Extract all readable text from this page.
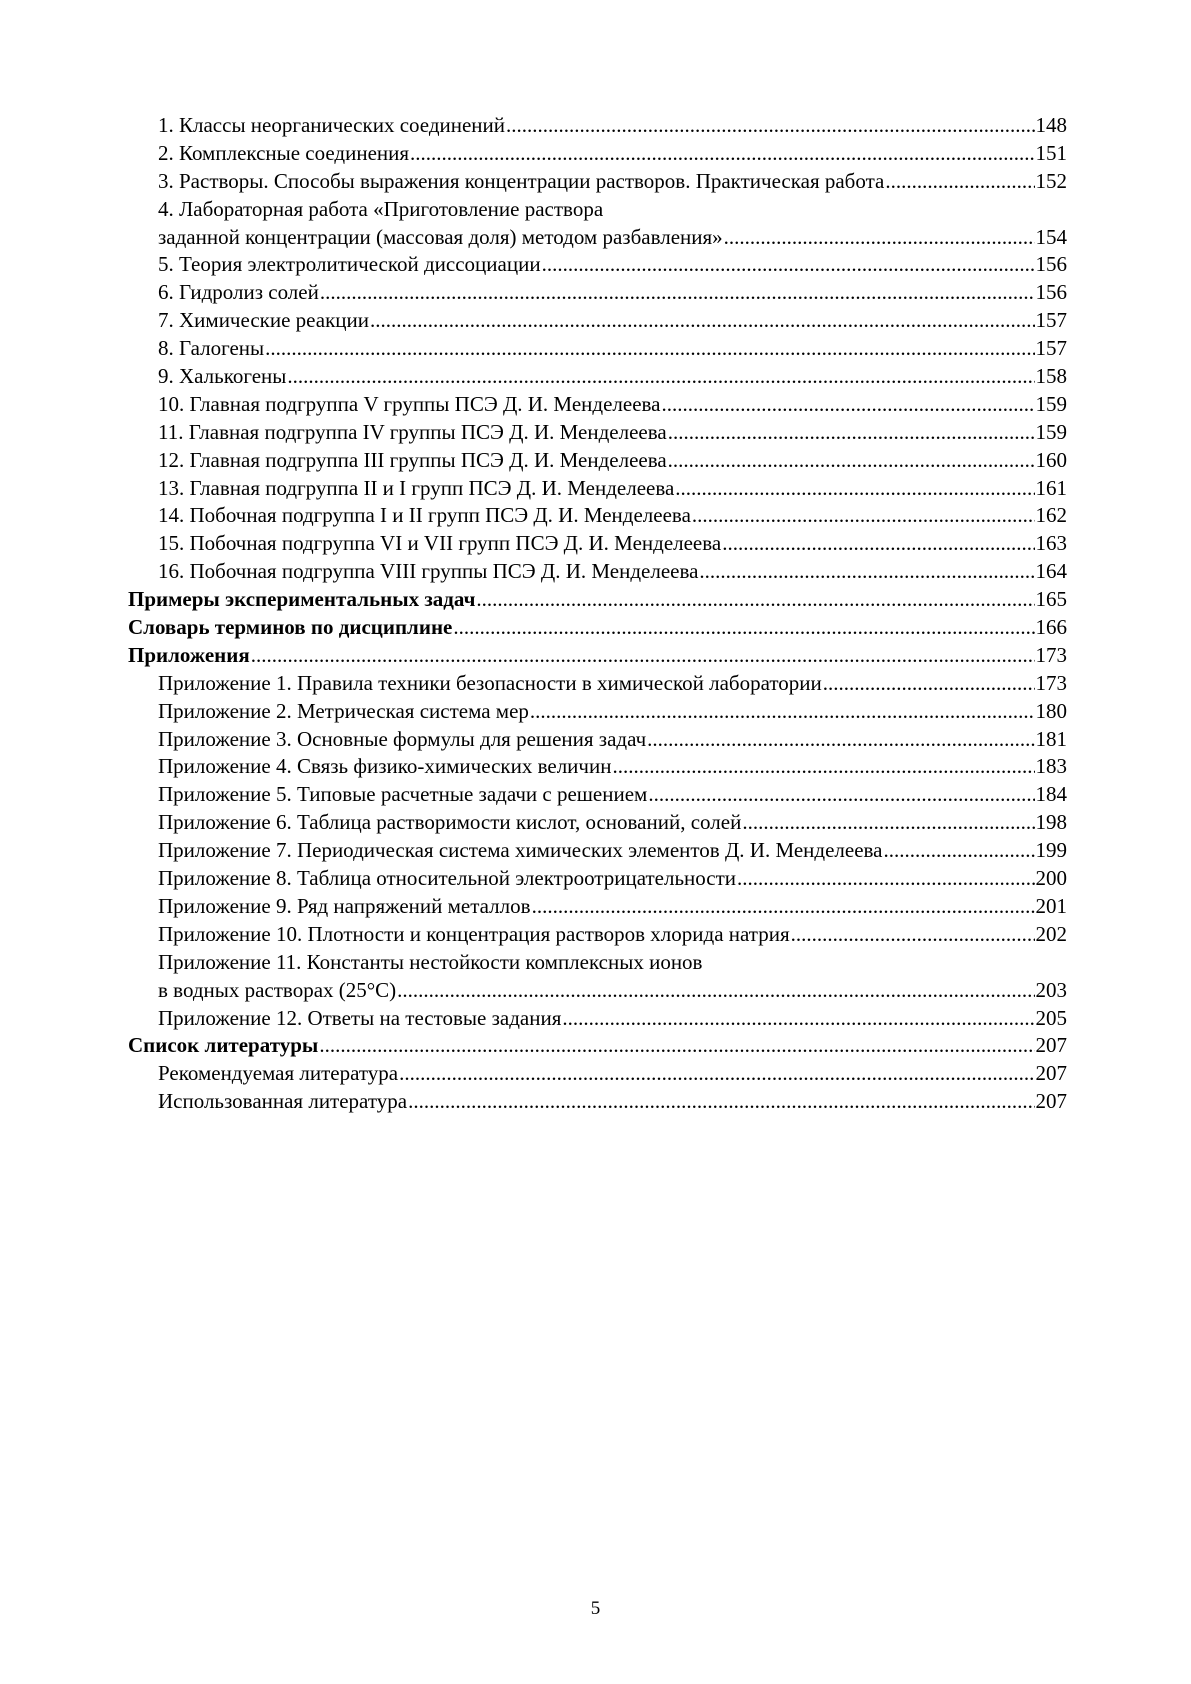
1. Классы неорганических соединений .....	148
2. Комплексные соединения .....	151
3. Растворы. Способы выражения концентрации растворов. Практическая работа .....	152
4. Лабораторная работа «Приготовление раствора
заданной концентрации (массовая доля) методом разбавления» .....	154
5. Теория электролитической диссоциации .....	156
6. Гидролиз солей .....	156
7. Химические реакции .....	157
8. Галогены .....	157
9. Халькогены .....	158
10. Главная подгруппа V группы ПСЭ Д. И. Менделеева .....	159
11. Главная подгруппа IV группы ПСЭ Д. И. Менделеева .....	159
12. Главная подгруппа III группы ПСЭ Д. И. Менделеева .....	160
13. Главная подгруппа II и I групп ПСЭ Д. И. Менделеева .....	161
14. Побочная подгруппа I и II групп ПСЭ Д. И. Менделеева .....	162
15. Побочная подгруппа VI и VII групп ПСЭ Д. И. Менделеева .....	163
16. Побочная подгруппа VIII группы ПСЭ Д. И. Менделеева .....	164
Примеры экспериментальных задач .....	165
Словарь терминов по дисциплине .....	166
Приложения .....	173
Приложение 1. Правила техники безопасности в химической лаборатории .....	173
Приложение 2. Метрическая система мер .....	180
Приложение 3. Основные формулы для решения задач .....	181
Приложение 4. Связь физико-химических величин .....	183
Приложение 5. Типовые расчетные задачи с решением .....	184
Приложение 6. Таблица растворимости кислот, оснований, солей .....	198
Приложение 7. Периодическая система химических элементов Д. И. Менделеева .....	199
Приложение 8. Таблица относительной электроотрицательности .....	200
Приложение 9. Ряд напряжений металлов .....	201
Приложение 10. Плотности и концентрация растворов хлорида натрия .....	202
Приложение 11. Константы нестойкости комплексных ионов
в водных растворах (25°С) .....	203
Приложение 12. Ответы на тестовые задания .....	205
Список литературы .....	207
Рекомендуемая литература .....	207
Использованная литература .....	207
5
